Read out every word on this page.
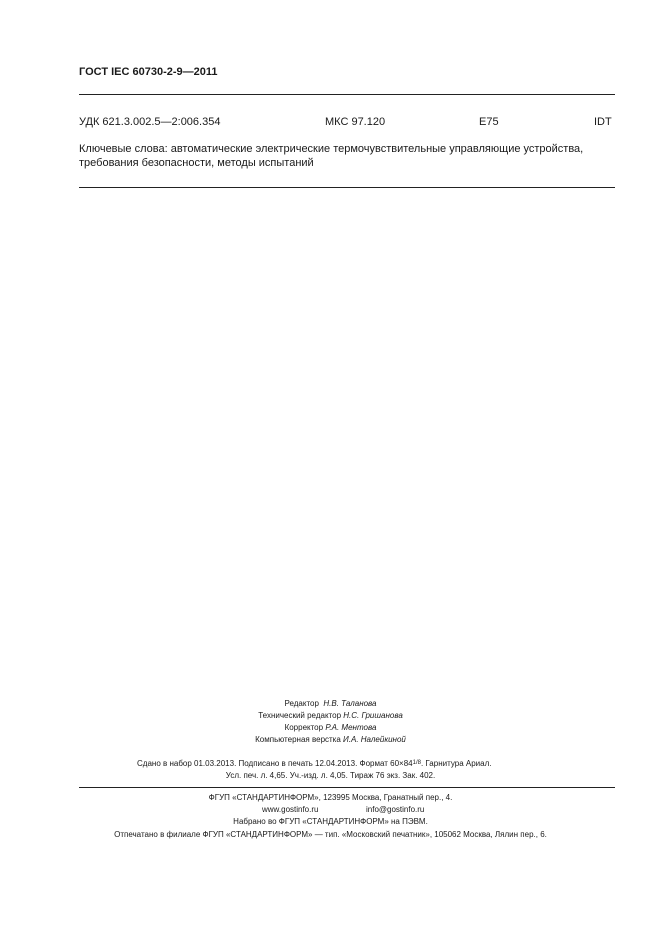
ГОСТ IEC 60730-2-9—2011
УДК 621.3.002.5—2:006.354	МКС 97.120	E75	IDT
Ключевые слова: автоматические электрические термочувствительные управляющие устройства,
требования безопасности, методы испытаний
Редактор Н.В. Таланова
Технический редактор Н.С. Гришанова
Корректор Р.А. Ментова
Компьютерная верстка И.А. Налейкиной
Сдано в набор 01.03.2013. Подписано в печать 12.04.2013. Формат $60\times 84^{1/8}$. Гарнитура Ариал.
Усл. печ. л. 4,65. Уч.-изд. л. 4,05. Тираж 76 экз. Зак. 402.
ФГУП «СТАНДАРТИНФОРМ», 123995 Москва, Гранатный пер., 4.
www.gostinfo.ru	info@gostinfo.ru
Набрано во ФГУП «СТАНДАРТИНФОРМ» на ПЭВМ.
Отпечатано в филиале ФГУП «СТАНДАРТИНФОРМ» — тип. «Московский печатник», 105062 Москва, Лялин пер., 6.
